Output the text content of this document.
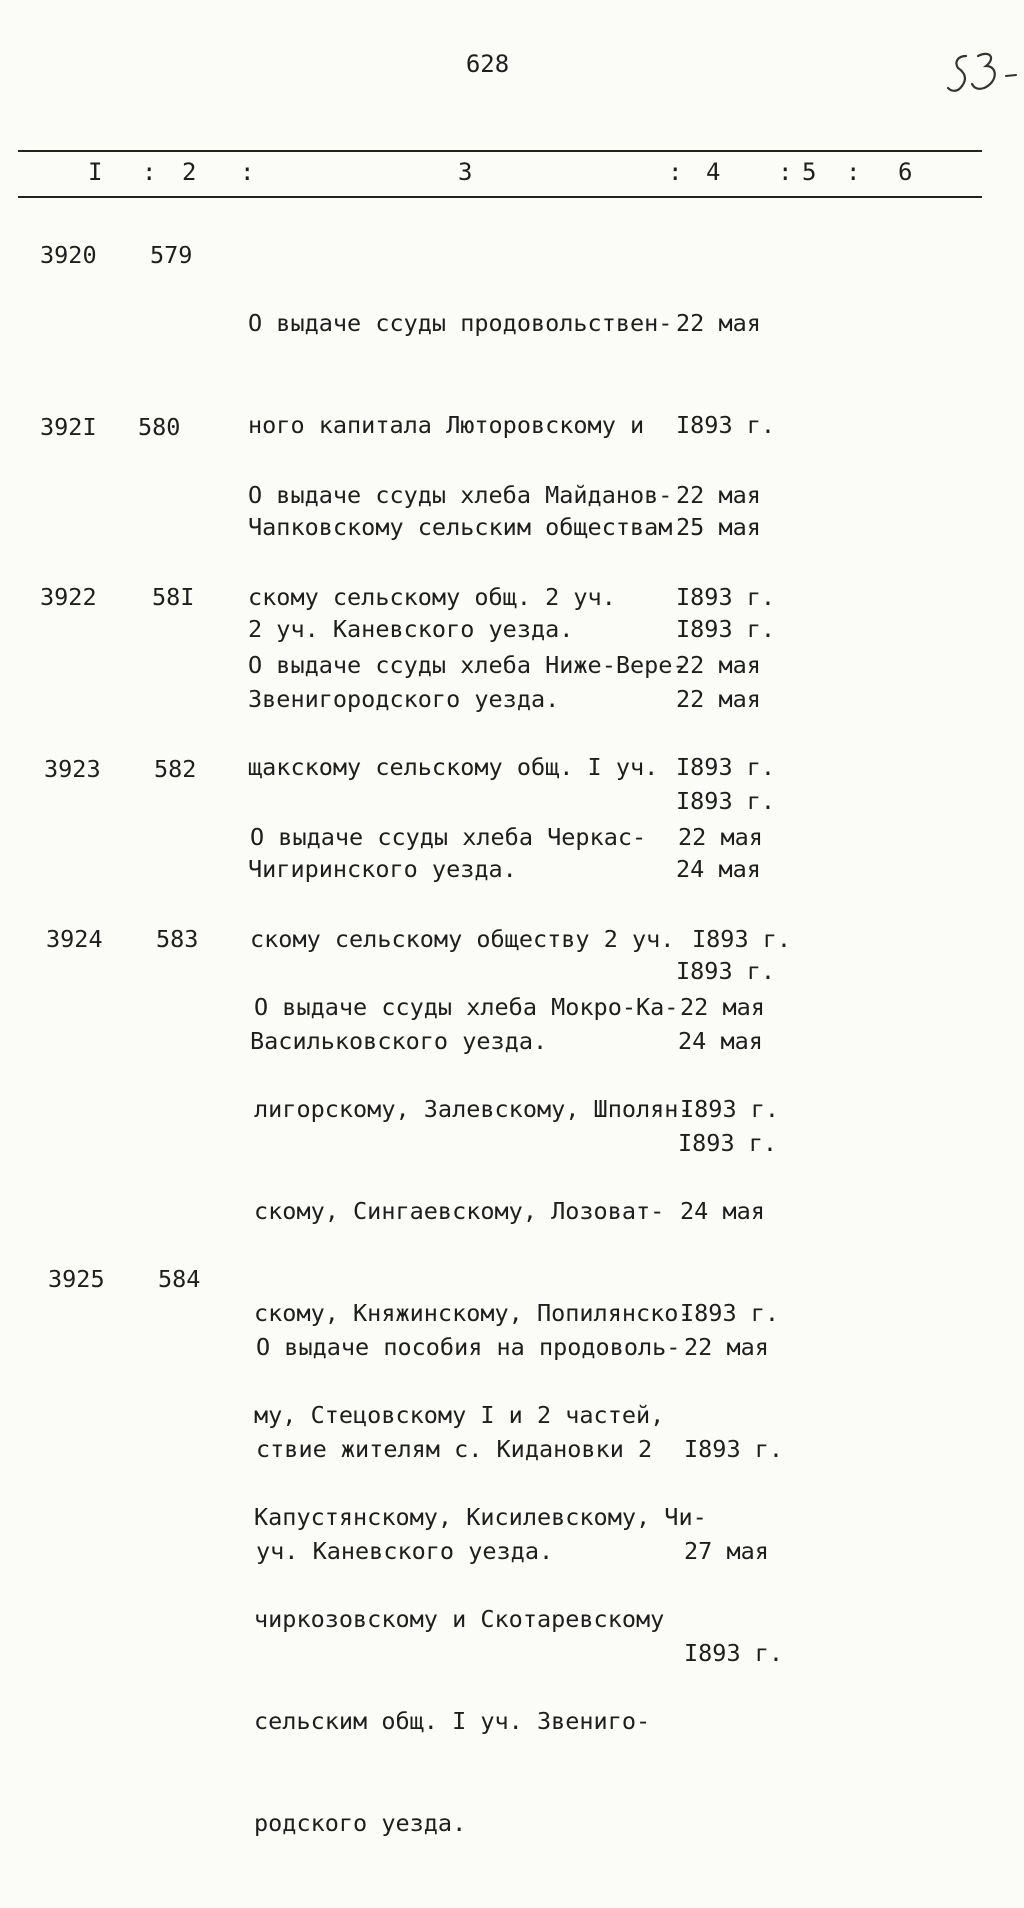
628
I : 2 :	3	: 4 : 5 : 6
3920 579

О выдаче ссуды продовольствен-

ного капитала Люторовскому и

Чапковскому сельским обществам

2 уч. Каневского уезда.

22 мая

I893 г.

25 мая

I893 г.

392I 580

О выдаче ссуды хлеба Майданов-

скому сельскому общ. 2 уч.

Звенигородского уезда.

22 мая

I893 г.

22 мая

I893 г.

3922 58I

О выдаче ссуды хлеба Ниже-Вере-

щакскому сельскому общ. I уч.

Чигиринского уезда.

22 мая

I893 г.

24 мая

I893 г.

3923 582

О выдаче ссуды хлеба Черкас-

скому сельскому обществу 2 уч.

Васильковского уезда.

22 мая

I893 г.

24 мая

I893 г.

3924 583

О выдаче ссуды хлеба Мокро-Ка-

лигорскому, Залевскому, Шполян-

скому, Сингаевскому, Лозоват-

скому, Княжинскому, Попилянско-

му, Стецовскому I и 2 частей,

Капустянскому, Кисилевскому, Чи-

чиркозовскому и Скотаревскому

сельским общ. I уч. Звениго-

родского уезда.

22 мая

I893 г.

24 мая

I893 г.

3925 584

О выдаче пособия на продоволь-

ствие жителям с. Кидановки 2

уч. Каневского уезда.

22 мая

I893 г.

27 мая

I893 г.
